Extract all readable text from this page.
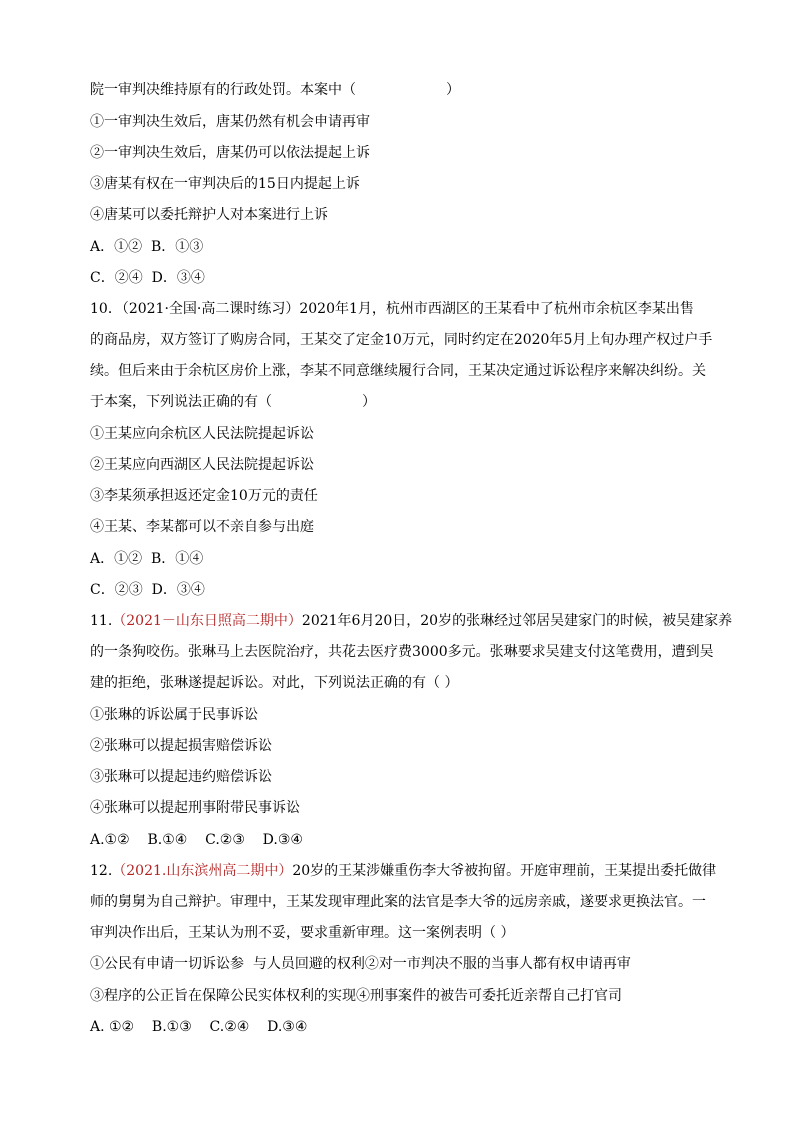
院一审判决维持原有的行政处罚。本案中（	）
①一审判决生效后，唐某仍然有机会申请再审
②一审判决生效后，唐某仍可以依法提起上诉
③唐某有权在一审判决后的15日内提起上诉
④唐某可以委托辩护人对本案进行上诉
A．①②  B．①③
C．②④  D．③④
10．（2021·全国·高二课时练习）2020年1月，杭州市西湖区的王某看中了杭州市余杭区李某出售
的商品房，双方签订了购房合同，王某交了定金10万元，同时约定在2020年5月上旬办理产权过户手
续。但后来由于余杭区房价上涨，李某不同意继续履行合同，王某决定通过诉讼程序来解决纠纷。关
于本案，下列说法正确的有（	）
①王某应向余杭区人民法院提起诉讼
②王某应向西湖区人民法院提起诉讼
③李某须承担返还定金10万元的责任
④王某、李某都可以不亲自参与出庭
A．①②  B．①④
C．②③  D．③④
11.（2021－山东日照高二期中）2021年6月20日，20岁的张琳经过邻居吴建家门的时候，被吴建家养
的一条狗咬伤。张琳马上去医院治疗，共花去医疗费3000多元。张琳要求吴建支付这笔费用，遭到吴
建的拒绝，张琳遂提起诉讼。对此，下列说法正确的有（ ）
①张琳的诉讼属于民事诉讼
②张琳可以提起损害赔偿诉讼
③张琳可以提起违约赔偿诉讼
④张琳可以提起刑事附带民事诉讼
A.①②    B.①④    C.②③    D.③④
12.（2021.山东滨州高二期中）20岁的王某涉嫌重伤李大爷被拘留。开庭审理前，王某提出委托做律
师的舅舅为自己辩护。审理中，王某发现审理此案的法官是李大爷的远房亲戚，遂要求更换法官。一
审判决作出后，王某认为刑不妥，要求重新审理。这一案例表明（ ）
①公民有申请一切诉讼参  与人员回避的权利②对一市判决不服的当事人都有权申请再审
③程序的公正旨在保障公民实体权利的实现④刑事案件的被告可委托近亲帮自己打官司
A. ①②    B.①③    C.②④    D.③④
